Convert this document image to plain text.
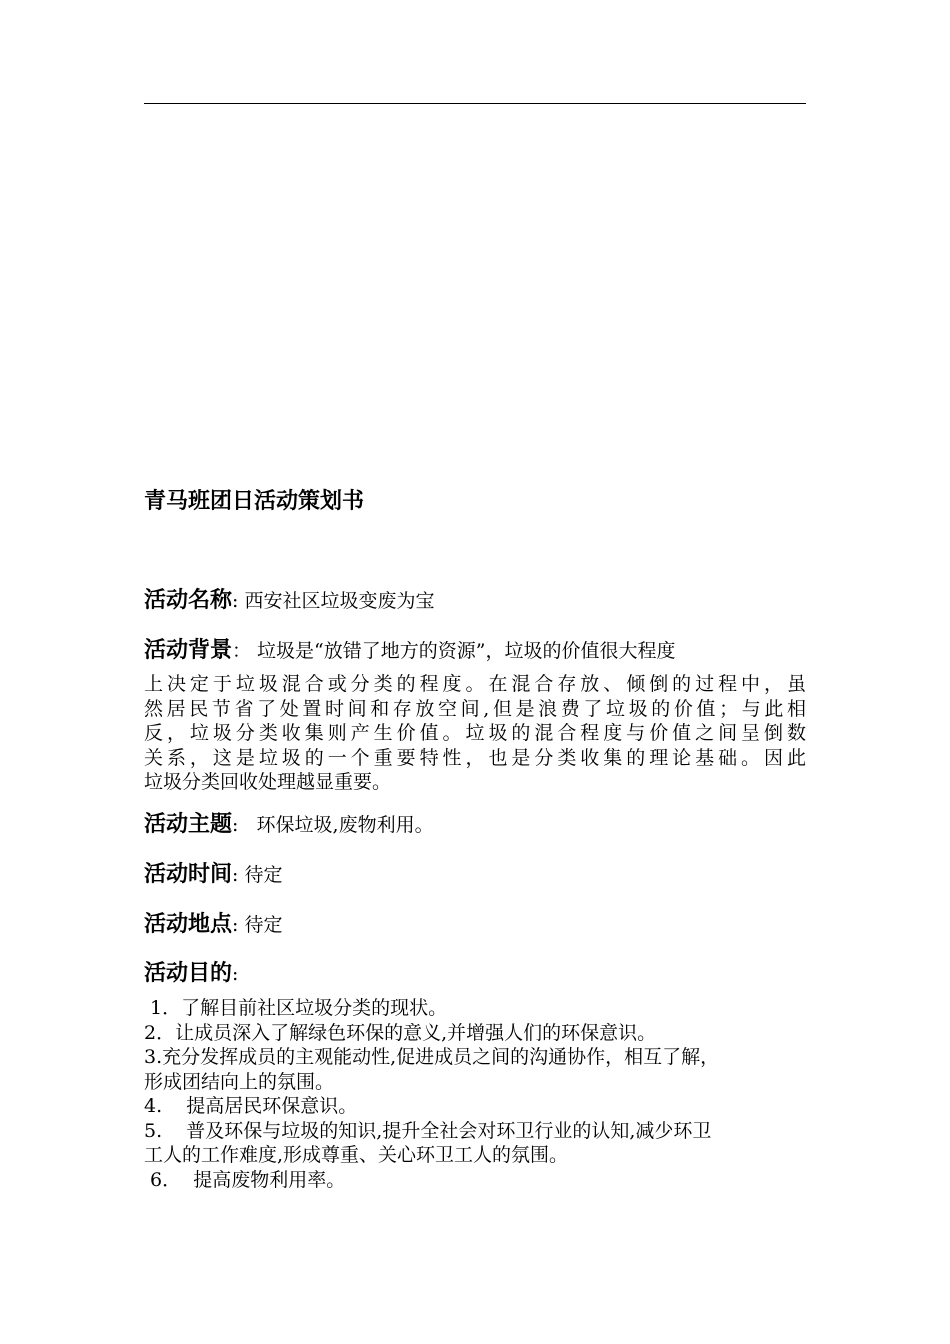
青马班团日活动策划书
活动名称: 西安社区垃圾变废为宝
活动背景： 垃圾是“放错了地方的资源”，垃圾的价值很大程度
上决定于垃圾混合或分类的程度。在混合存放、倾倒的过程中，虽
然居民节省了处置时间和存放空间,但是浪费了垃圾的价值；与此相
反，垃圾分类收集则产生价值。垃圾的混合程度与价值之间呈倒数
关系，这是垃圾的一个重要特性，也是分类收集的理论基础。因此
垃圾分类回收处理越显重要。
活动主题:   环保垃圾,废物利用。
活动时间: 待定
活动地点: 待定
活动目的:
1．了解目前社区垃圾分类的现状。
2．让成员深入了解绿色环保的意义,并增强人们的环保意识。
3.充分发挥成员的主观能动性,促进成员之间的沟通协作，相互了解，
形成团结向上的氛围。
4.    提高居民环保意识。
5.    普及环保与垃圾的知识,提升全社会对环卫行业的认知,减少环卫
工人的工作难度,形成尊重、关心环卫工人的氛围。
6．  提高废物利用率。
